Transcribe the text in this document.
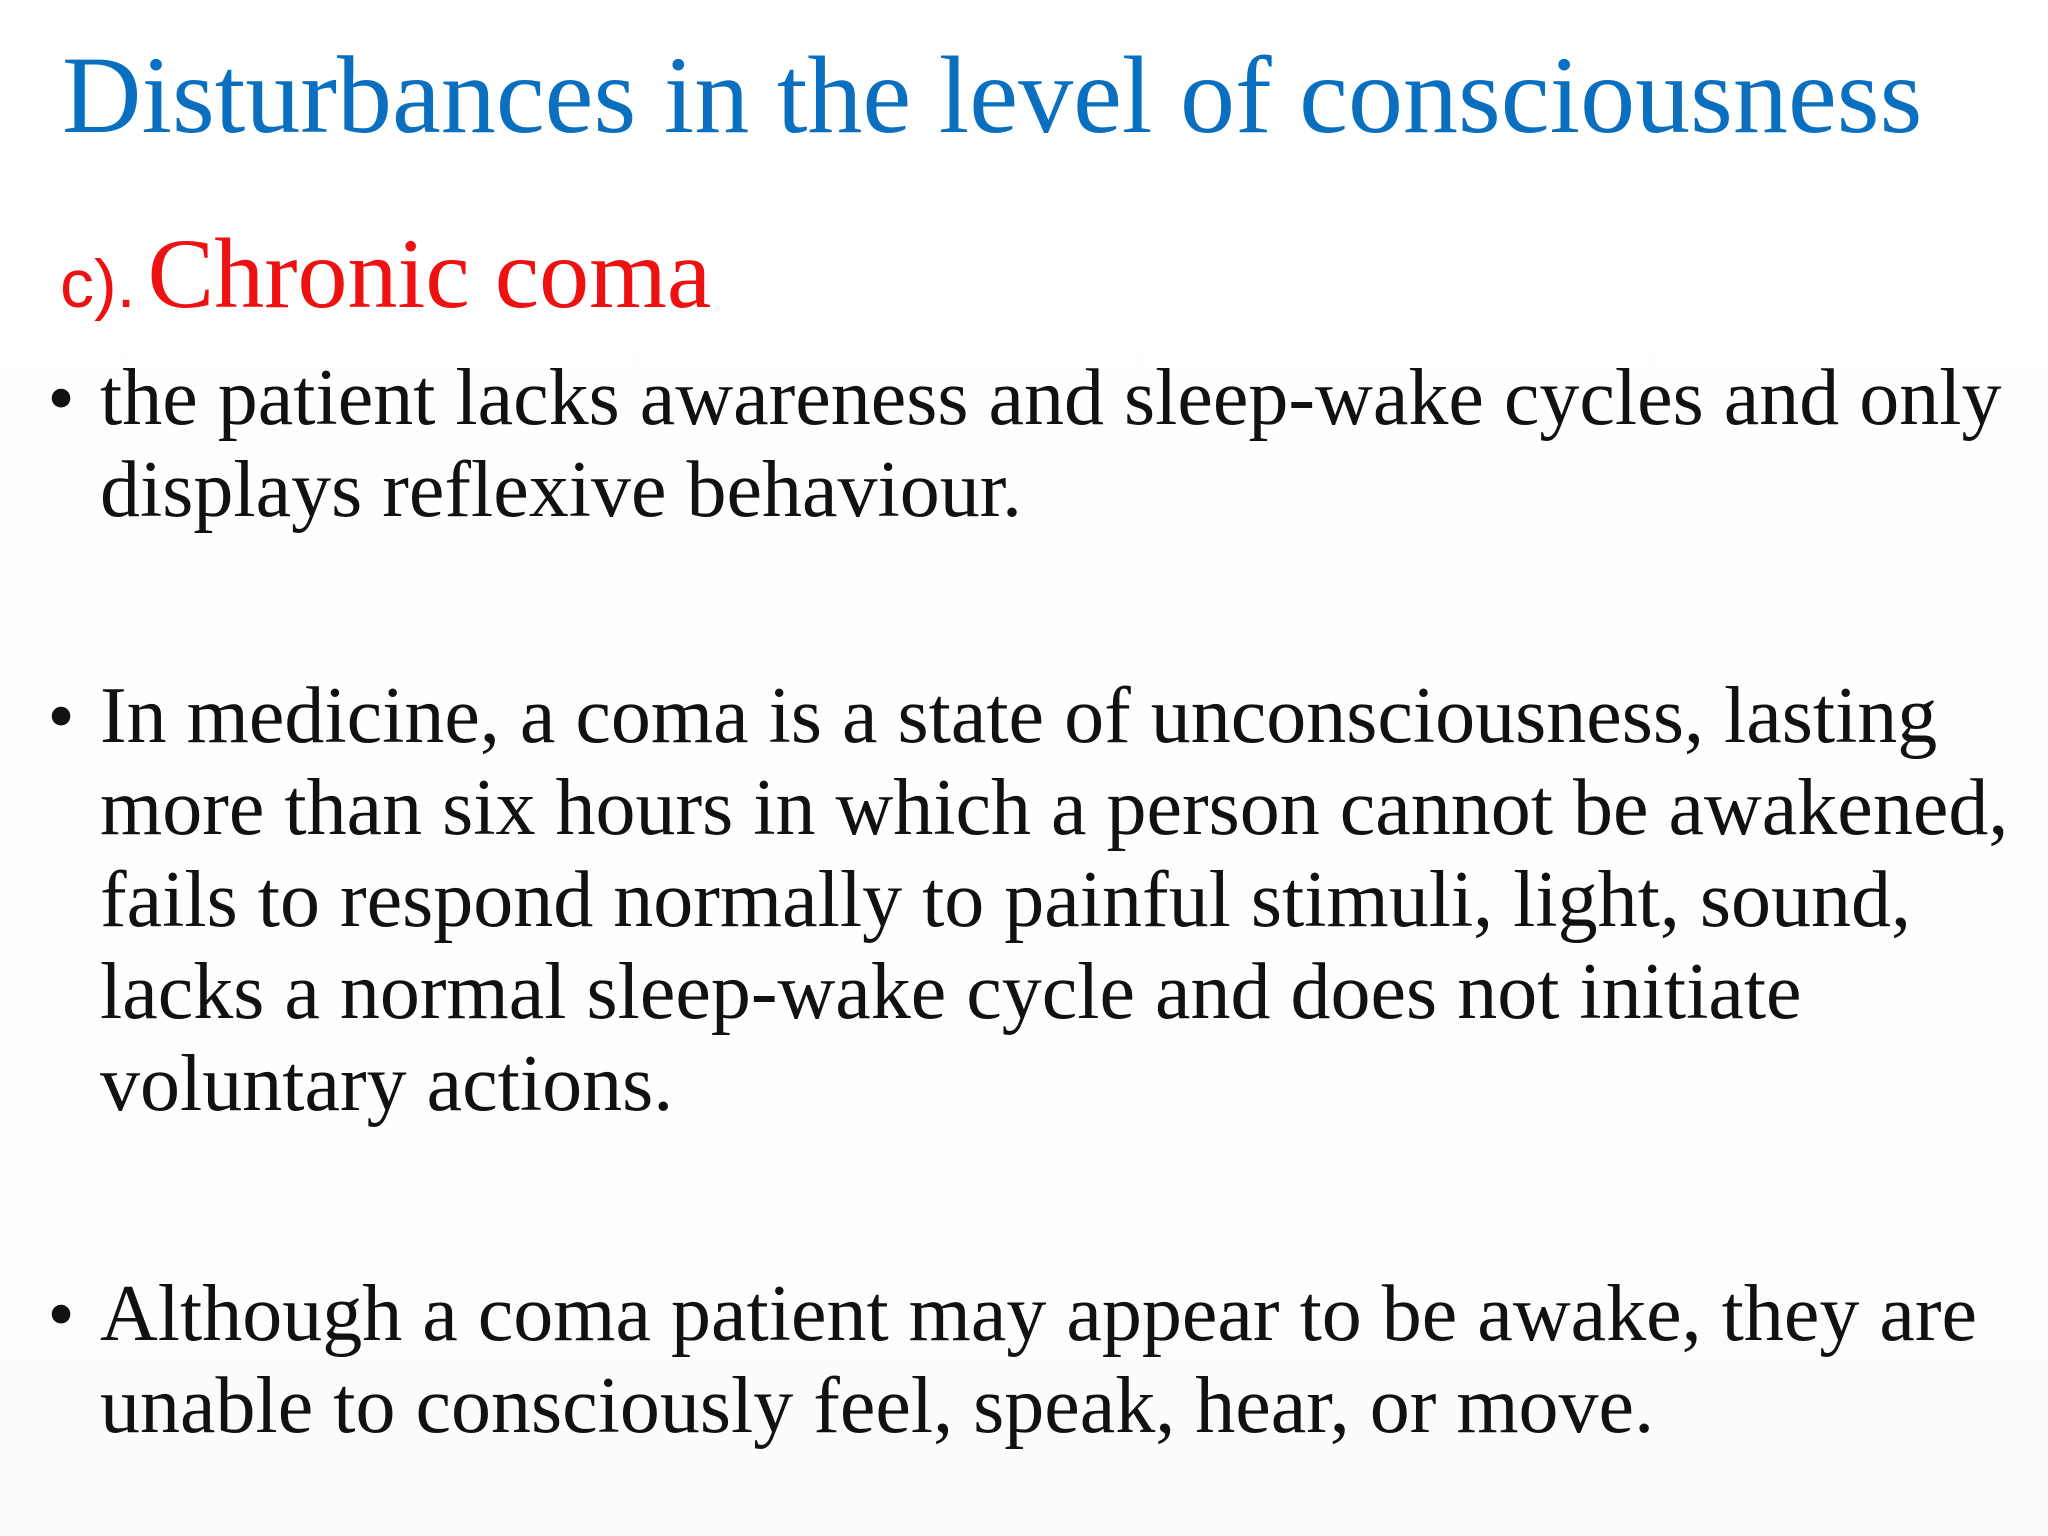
Disturbances in the level of consciousness
c). Chronic coma
• the patient lacks awareness and sleep-wake cycles and only displays reflexive behaviour.
• In medicine, a coma is a state of unconsciousness, lasting more than six hours in which a person cannot be awakened, fails to respond normally to painful stimuli, light, sound, lacks a normal sleep-wake cycle and does not initiate voluntary actions.
• Although a coma patient may appear to be awake, they are unable to consciously feel, speak, hear, or move.
